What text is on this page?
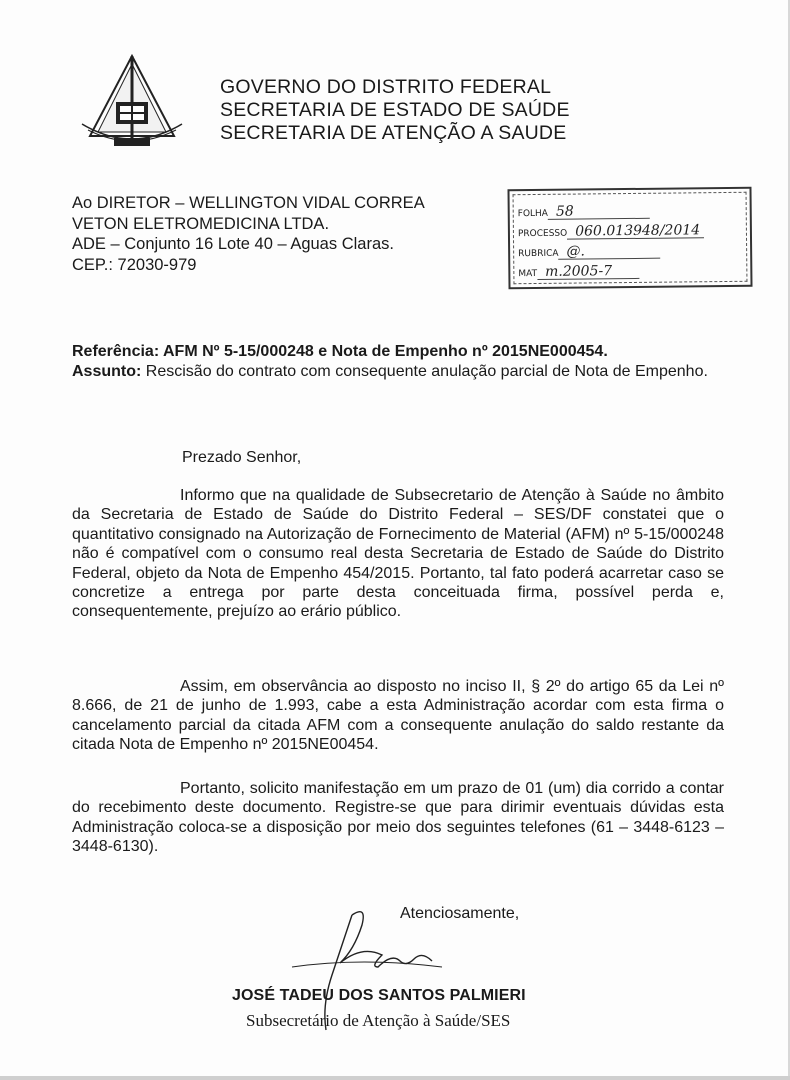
GOVERNO DO DISTRITO FEDERAL
SECRETARIA DE ESTADO DE SAÚDE
SECRETARIA DE ATENÇÃO A SAUDE
Ao DIRETOR – WELLINGTON VIDAL CORREA
VETON ELETROMEDICINA LTDA.
ADE – Conjunto 16 Lote 40 – Aguas Claras.
CEP.: 72030-979
FOLHA 58
PROCESSO 060.013948/2014
RUBRICA @.
MAT m.2005-7
Referência: AFM Nº 5-15/000248 e Nota de Empenho nº 2015NE000454.
Assunto: Rescisão do contrato com consequente anulação parcial de Nota de Empenho.
Prezado Senhor,
Informo que na qualidade de Subsecretario de Atenção à Saúde no âmbito da Secretaria de Estado de Saúde do Distrito Federal – SES/DF constatei que o quantitativo consignado na Autorização de Fornecimento de Material (AFM) nº 5-15/000248 não é compatível com o consumo real desta Secretaria de Estado de Saúde do Distrito Federal, objeto da Nota de Empenho 454/2015. Portanto, tal fato poderá acarretar caso se concretize a entrega por parte desta conceituada firma, possível perda e, consequentemente, prejuízo ao erário público.
Assim, em observância ao disposto no inciso II, § 2º do artigo 65 da Lei nº 8.666, de 21 de junho de 1.993, cabe a esta Administração acordar com esta firma o cancelamento parcial da citada AFM com a consequente anulação do saldo restante da citada Nota de Empenho nº 2015NE00454.
Portanto, solicito manifestação em um prazo de 01 (um) dia corrido a contar do recebimento deste documento. Registre-se que para dirimir eventuais dúvidas esta Administração coloca-se a disposição por meio dos seguintes telefones (61 – 3448-6123 – 3448-6130).
Atenciosamente,
JOSÉ TADEU DOS SANTOS PALMIERI
Subsecretário de Atenção à Saúde/SES
